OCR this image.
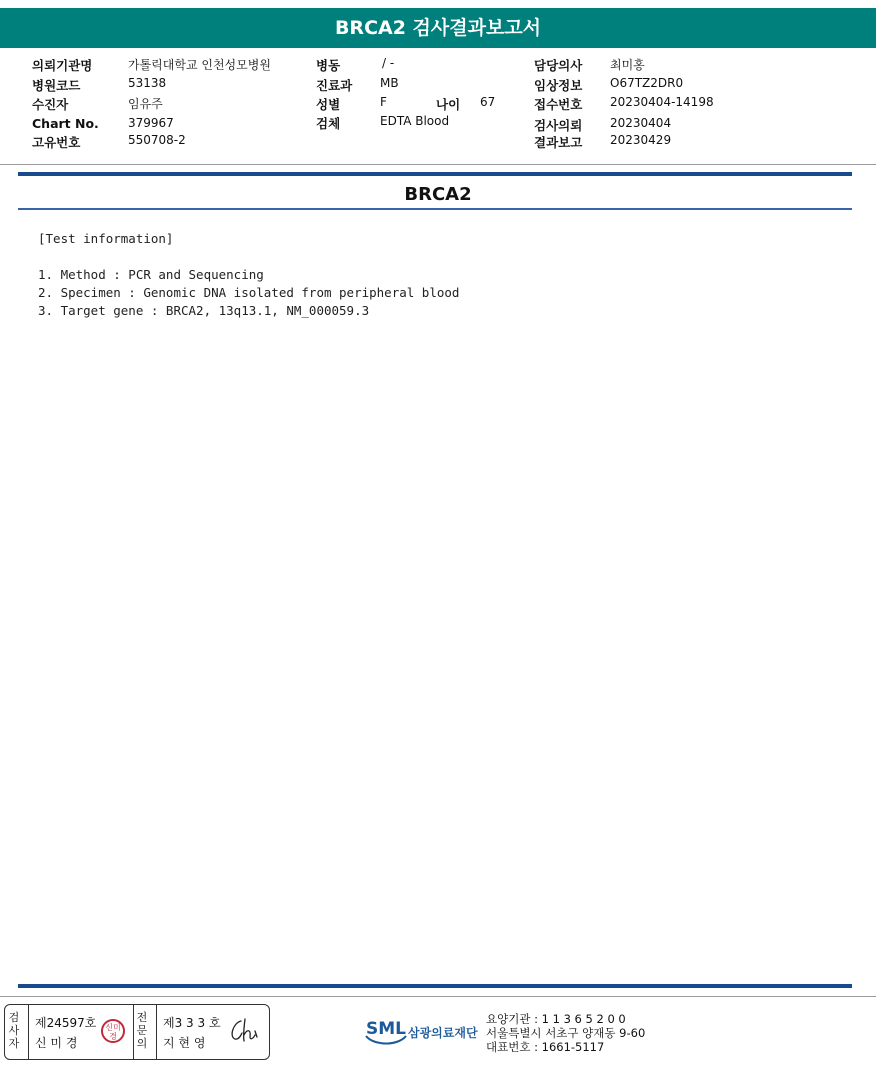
BRCA2 검사결과보고서
의뢰기관명	가톨릭대학교 인천성모병원
병원코드	53138
수진자	임유주
Chart No. 379967
고유번호	550708-2
병동	/ -
진료과 MB
성별	F	나이 67
검체	EDTA Blood
담당의사 최미홍
임상정보 O67TZ2DR0
접수번호 20230404-14198
검사의뢰 20230404
결과보고 20230429
BRCA2
[Test information]
1. Method : PCR and Sequencing
2. Specimen : Genomic DNA isolated from peripheral blood
3. Target gene : BRCA2, 13q13.1, NM_000059.3
검사자
제24597호
신 미 경
신미경
전문의
제3 3 3 호
지 현 영
SML 삼광의료재단
요양기관 : 1 1 3 6 5 2 0 0
서울특별시 서초구 양재동 9-60
대표번호 : 1661-5117
